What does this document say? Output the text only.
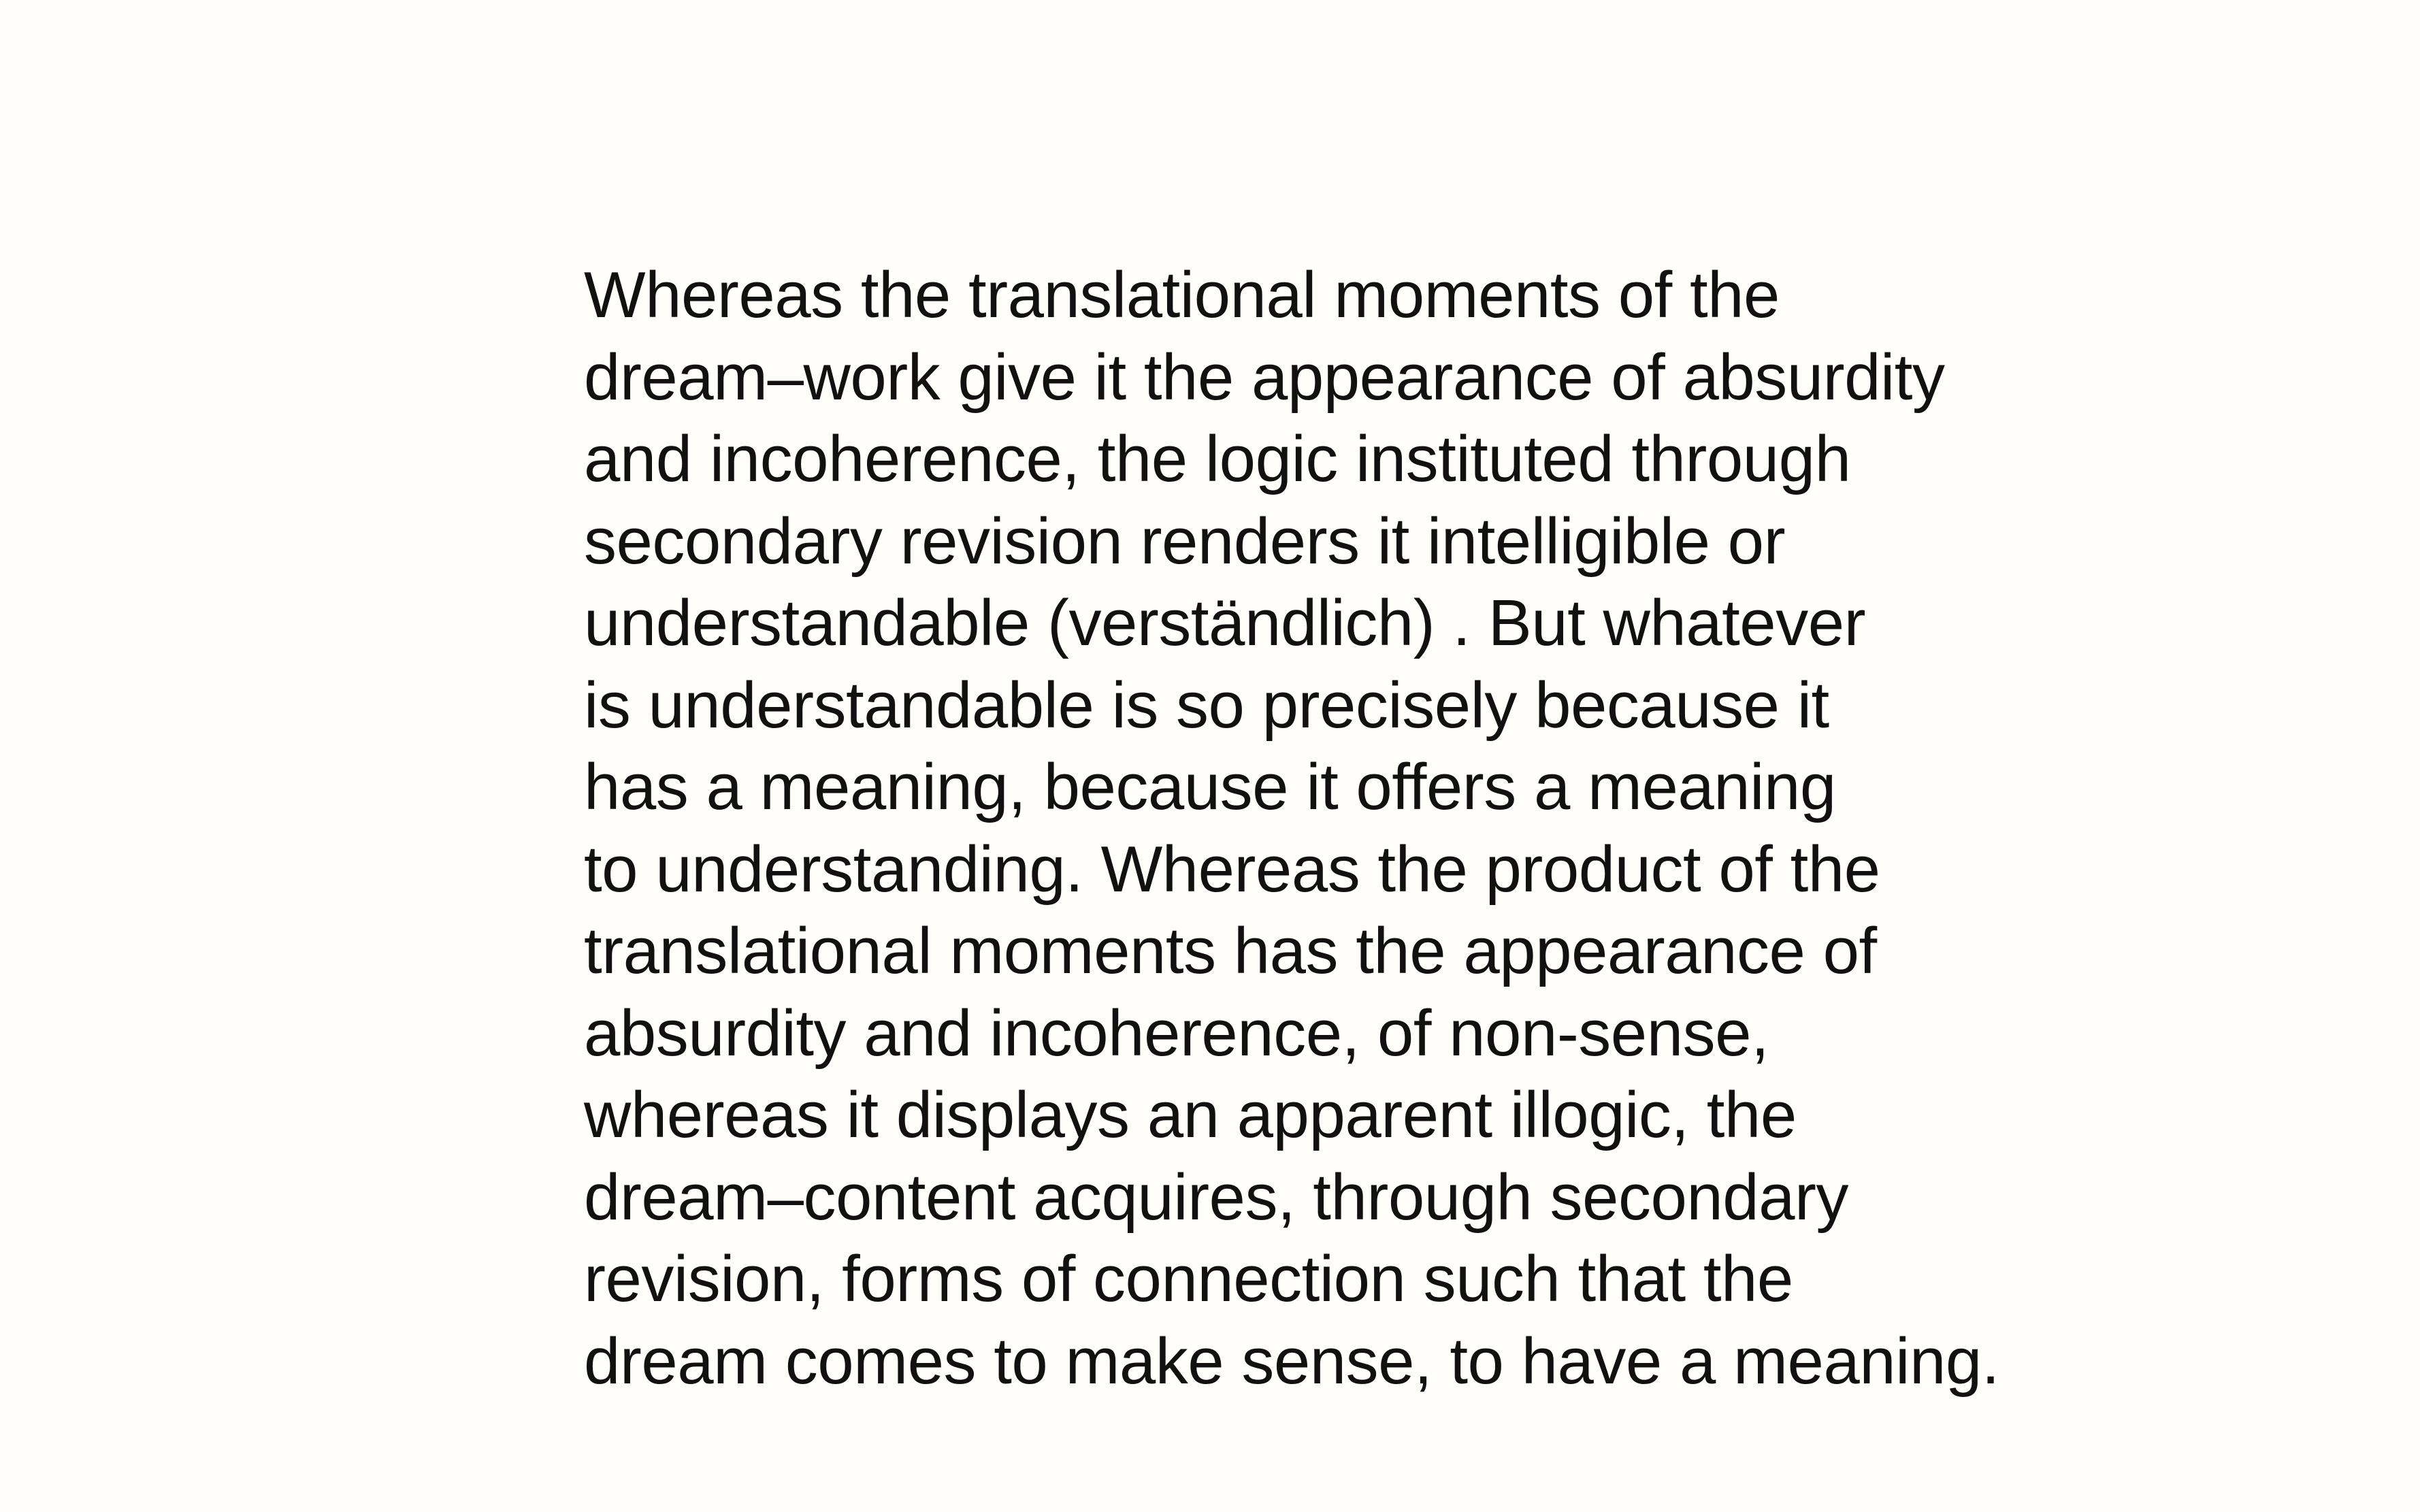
Whereas the translational moments of the
dream–work give it the appearance of absurdity
and incoherence, the logic instituted through
secondary revision renders it intelligible or
understandable (verständlich) . But whatever
is understandable is so precisely because it
has a meaning, because it offers a meaning
to understanding. Whereas the product of the
translational moments has the appearance of
absurdity and incoherence, of non-sense,
whereas it displays an apparent illogic, the
dream–content acquires, through secondary
revision, forms of connection such that the
dream comes to make sense, to have a meaning.
